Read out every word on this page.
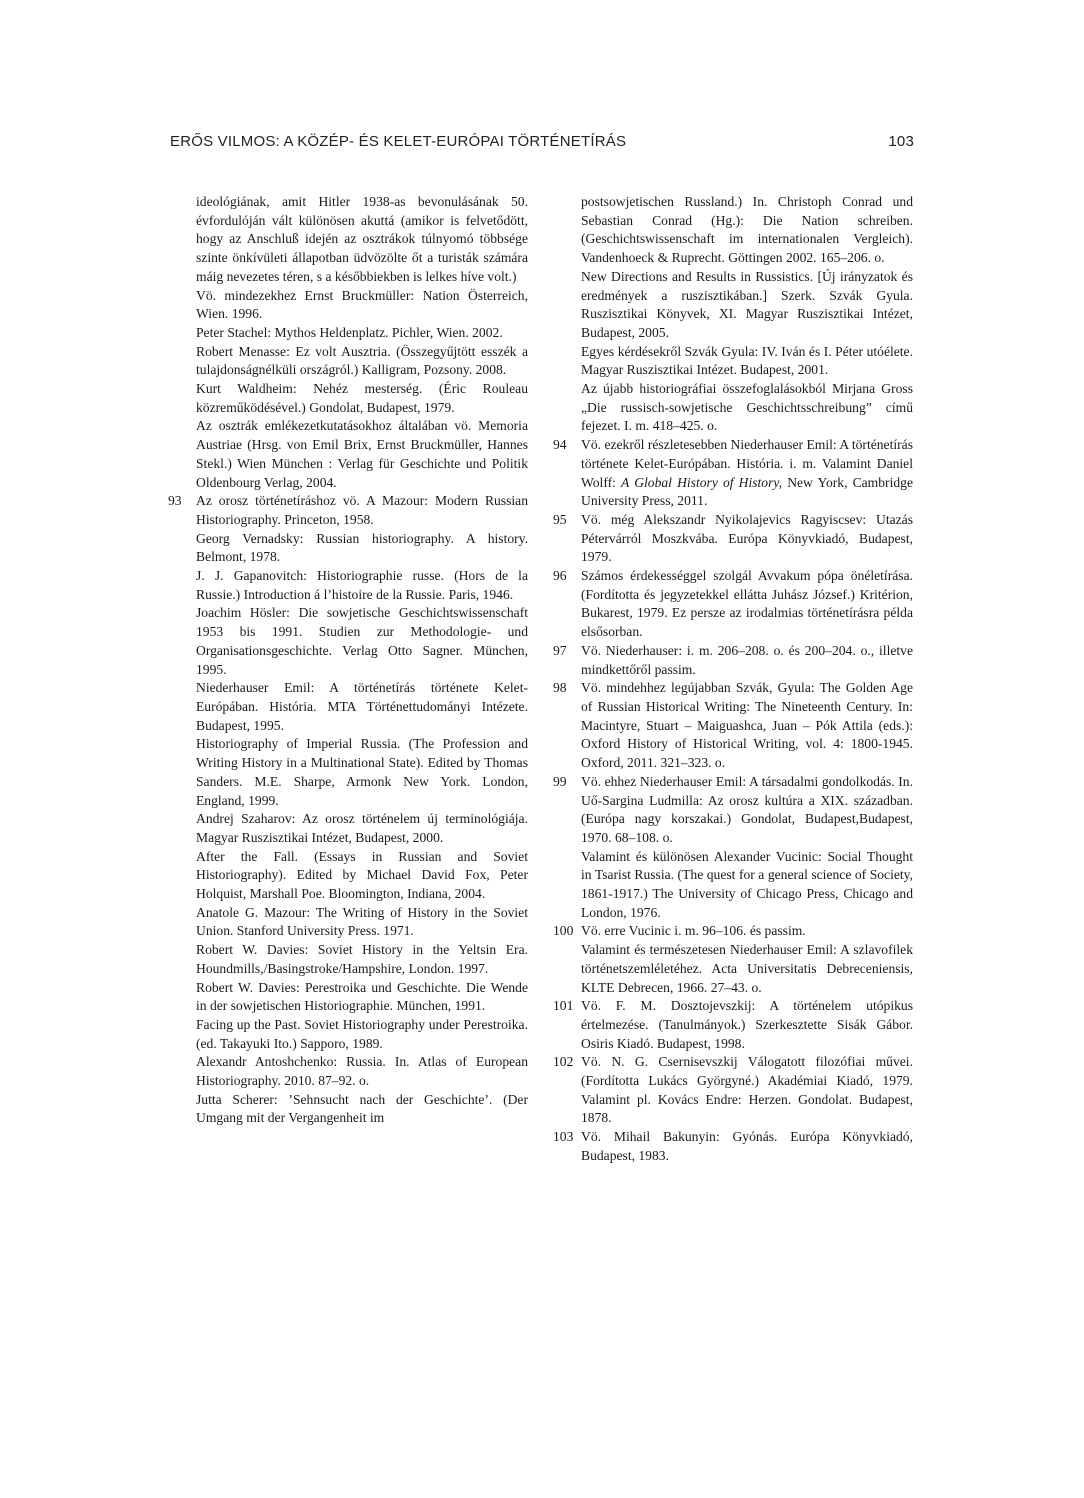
ERŐS VILMOS: A KÖZÉP- ÉS KELET-EURÓPAI TÖRTÉNETÍRÁS	103

ideológiának, amit Hitler 1938-as bevonulásának 50. évfordulóján vált különösen akuttá (amikor is felvetődött, hogy az Anschluß idején az osztrákok túlnyomó többsége szinte önkívületi állapotban üdvözölte őt a turisták számára máig nevezetes téren, s a későbbiekben is lelkes híve volt.)

Vö. mindezekhez Ernst Bruckmüller: Nation Österreich, Wien. 1996.

Peter Stachel: Mythos Heldenplatz. Pichler, Wien. 2002.

Robert Menasse: Ez volt Ausztria. (Összegyűjtött esszék a tulajdonságnélküli országról.) Kalligram, Pozsony. 2008.

Kurt Waldheim: Nehéz mesterség. (Éric Rouleau közreműködésével.) Gondolat, Budapest, 1979.

Az osztrák emlékezetkutatásokhoz általában vö. Memoria Austriae (Hrsg. von Emil Brix, Ernst Bruckmüller, Hannes Stekl.) Wien München : Verlag für Geschichte und Politik Oldenbourg Verlag, 2004.

93	Az orosz történetíráshoz vö. A Mazour: Modern Russian Historiography. Princeton, 1958.

Georg Vernadsky: Russian historiography. A history. Belmont, 1978.

J. J. Gapanovitch: Historiographie russe. (Hors de la Russie.) Introduction á l’histoire de la Russie. Paris, 1946.

Joachim Hösler: Die sowjetische Geschichtswissenschaft 1953 bis 1991. Studien zur Methodologie- und Organisationsgeschichte. Verlag Otto Sagner. München, 1995.

Niederhauser Emil: A történetírás története Kelet-Európában. História. MTA Történettudományi Intézete. Budapest, 1995.

Historiography of Imperial Russia. (The Profession and Writing History in a Multinational State). Edited by Thomas Sanders. M.E. Sharpe, Armonk New York. London, England, 1999.

Andrej Szaharov: Az orosz történelem új terminológiája. Magyar Ruszisztikai Intézet, Budapest, 2000.

After the Fall. (Essays in Russian and Soviet Historiography). Edited by Michael David Fox, Peter Holquist, Marshall Poe. Bloomington, Indiana, 2004.

Anatole G. Mazour: The Writing of History in the Soviet Union. Stanford University Press. 1971.

Robert W. Davies: Soviet History in the Yeltsin Era. Houndmills,/Basingstroke/Hampshire, London. 1997.

Robert W. Davies: Perestroika und Geschichte. Die Wende in der sowjetischen Historiographie. München, 1991.

Facing up the Past. Soviet Historiography under Perestroika. (ed. Takayuki Ito.) Sapporo, 1989.

Alexandr Antoshchenko: Russia. In. Atlas of European Historiography. 2010. 87–92. o.

Jutta Scherer: ’Sehnsucht nach der Geschichte’. (Der Umgang mit der Vergangenheit im

postsowjetischen Russland.) In. Christoph Conrad und Sebastian Conrad (Hg.): Die Nation schreiben. (Geschichtswissenschaft im internationalen Vergleich). Vandenhoeck & Ruprecht. Göttingen 2002. 165–206. o.

New Directions and Results in Russistics. [Új irányzatok és eredmények a ruszisztikában.] Szerk. Szvák Gyula. Ruszisztikai Könyvek, XI. Magyar Ruszisztikai Intézet, Budapest, 2005.

Egyes kérdésekről Szvák Gyula: IV. Iván és I. Péter utóélete. Magyar Ruszisztikai Intézet. Budapest, 2001.

Az újabb historiográfiai összefoglalásokból Mirjana Gross „Die russisch-sowjetische Geschichtsschreibung” című fejezet. I. m. 418–425. o.

94	Vö. ezekről részletesebben Niederhauser Emil: A történetírás története Kelet-Európában. História. i. m. Valamint Daniel Wolff: A Global History of History, New York, Cambridge University Press, 2011.

95	Vö. még Alekszandr Nyikolajevics Ragyiscsev: Utazás Pétervárról Moszkvába. Európa Könyvkiadó, Budapest, 1979.

96	Számos érdekességgel szolgál Avvakum pópa önéletírása. (Fordította és jegyzetekkel ellátta Juhász József.) Kritérion, Bukarest, 1979. Ez persze az irodalmias történetírásra példa elsősorban.

97	Vö. Niederhauser: i. m. 206–208. o. és 200–204. o., illetve mindkettőről passim.

98	Vö. mindehhez legújabban Szvák, Gyula: The Golden Age of Russian Historical Writing: The Nineteenth Century. In: Macintyre, Stuart – Maiguashca, Juan – Pók Attila (eds.): Oxford History of Historical Writing, vol. 4: 1800-1945. Oxford, 2011. 321–323. o.

99	Vö. ehhez Niederhauser Emil: A társadalmi gondolkodás. In. Uő-Sargina Ludmilla: Az orosz kultúra a XIX. században. (Európa nagy korszakai.) Gondolat, Budapest,Budapest, 1970. 68–108. o.

Valamint és különösen Alexander Vucinic: Social Thought in Tsarist Russia. (The quest for a general science of Society, 1861-1917.) The University of Chicago Press, Chicago and London, 1976.

100 Vö. erre Vucinic i. m. 96–106. és passim.

Valamint és természetesen Niederhauser Emil: A szlavofilek történetszemléletéhez. Acta Universitatis Debreceniensis, KLTE Debrecen, 1966. 27–43. o.

101 Vö. F. M. Dosztojevszkij: A történelem utópikus értelmezése. (Tanulmányok.) Szerkesztette Sisák Gábor. Osiris Kiadó. Budapest, 1998.

102 Vö. N. G. Csernisevszkij Válogatott filozófiai művei. (Fordította Lukács Györgyné.) Akadémiai Kiadó, 1979. Valamint pl. Kovács Endre: Herzen. Gondolat. Budapest, 1878.

103 Vö. Mihail Bakunyin: Gyónás. Európa Könyvkiadó, Budapest, 1983.
